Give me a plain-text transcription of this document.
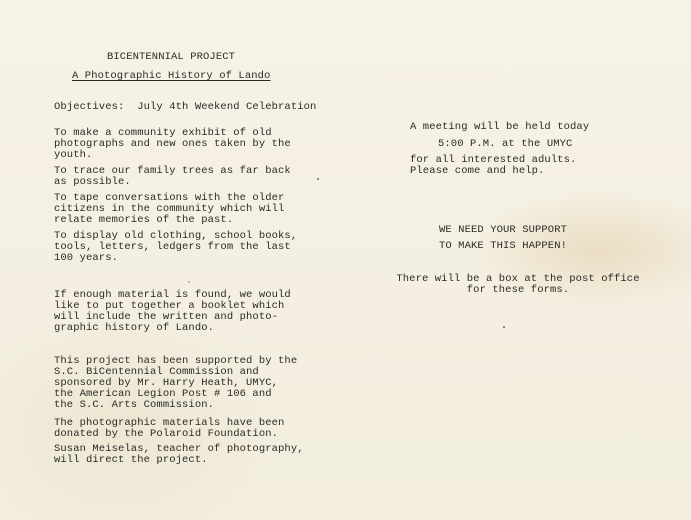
BICENTENNIAL PROJECT
A Photographic History of Lando
Objectives:  July 4th Weekend Celebration
To make a community exhibit of old
photographs and new ones taken by the
youth.
To trace our family trees as far back
as possible.
To tape conversations with the older
citizens in the community which will
relate memories of the past.
To display old clothing, school books,
tools, letters, ledgers from the last
100 years.
If enough material is found, we would
like to put together a booklet which
will include the written and photo-
graphic history of Lando.
This project has been supported by the
S.C. BiCentennial Commission and
sponsored by Mr. Harry Heath, UMYC,
the American Legion Post # 106 and
the S.C. Arts Commission.
The photographic materials have been
donated by the Polaroid Foundation.
Susan Meiselas, teacher of photography,
will direct the project.
A meeting will be held today
5:00 P.M. at the UMYC
for all interested adults.
Please come and help.
WE NEED YOUR SUPPORT
TO MAKE THIS HAPPEN!
There will be a box at the post office
for these forms.
